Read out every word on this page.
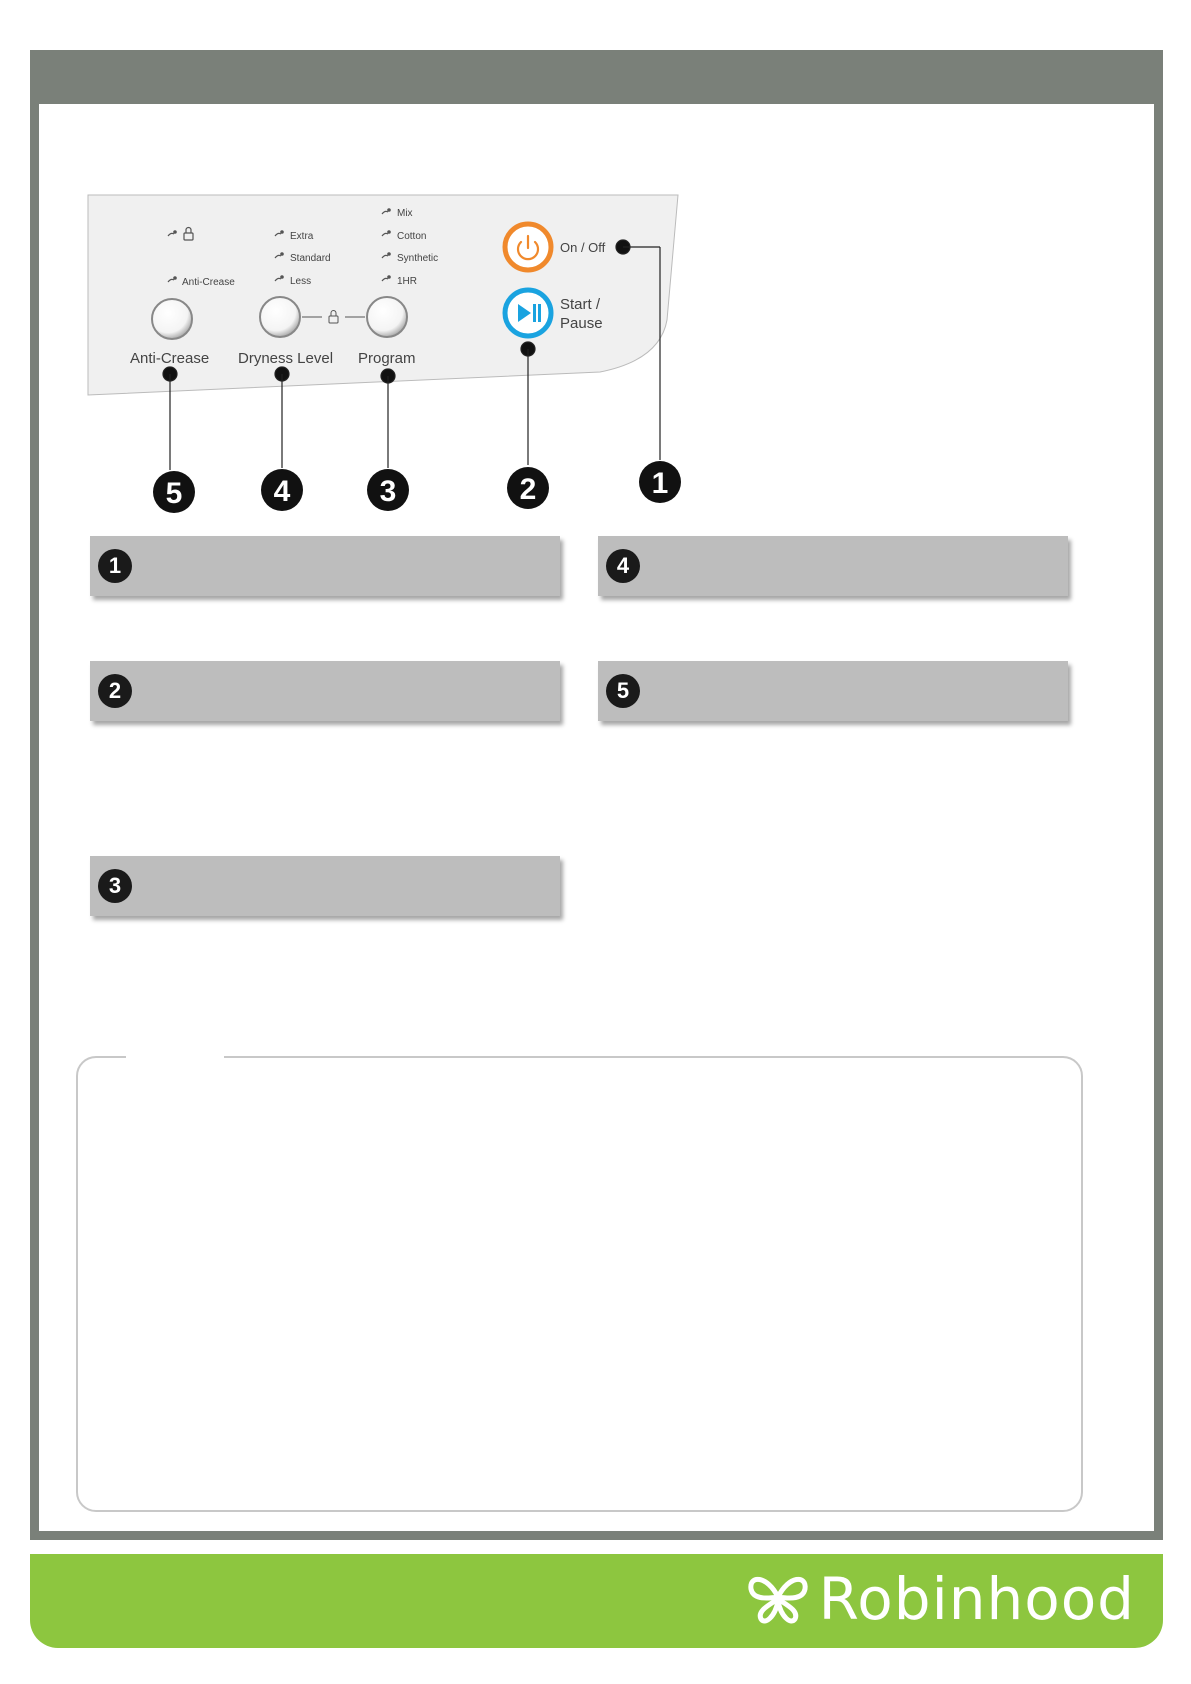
Anti-Crease
Extra
Standard
Less
Mix
Cotton
Synthetic
1HR
Anti-Crease Dryness Level Program
On / Off
Start /
Pause
5	4	3	2	1
1
2
3
4
5
Robinhood
